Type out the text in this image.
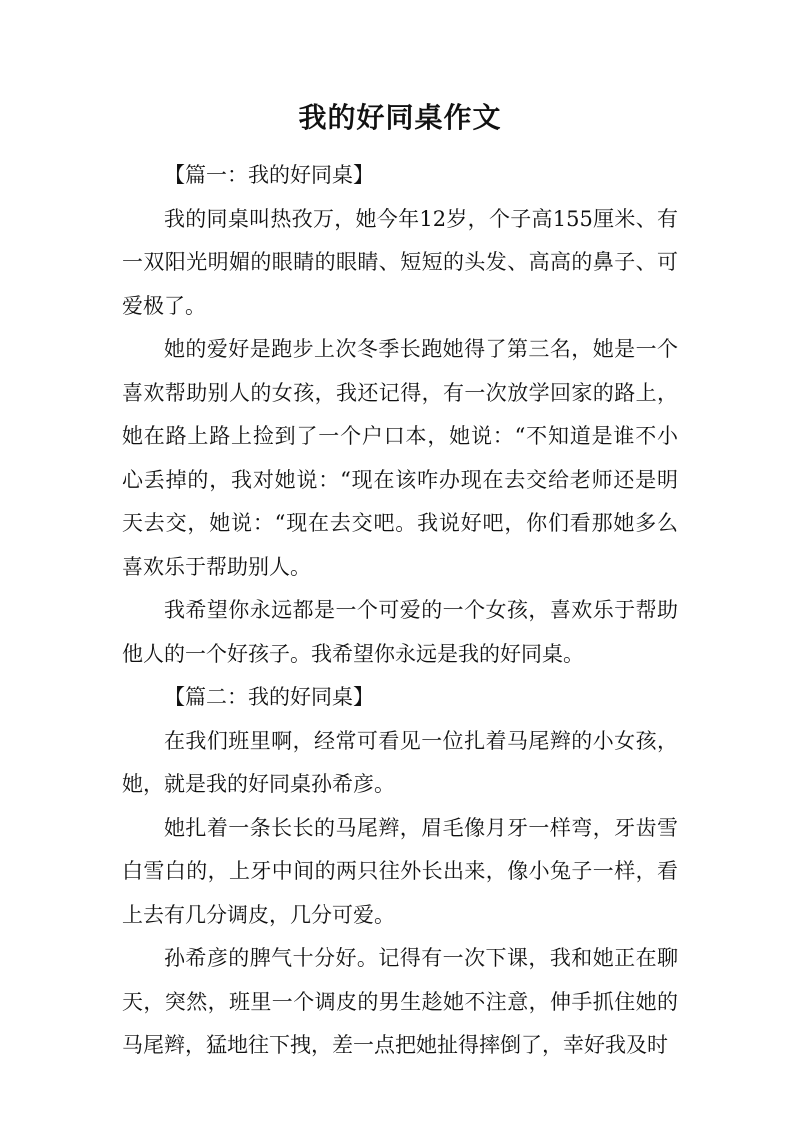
我的好同桌作文

【篇一：我的好同桌】

我的同桌叫热孜万，她今年12岁，个子高155厘米、有一双阳光明媚的眼睛的眼睛、短短的头发、高高的鼻子、可爱极了。

她的爱好是跑步上次冬季长跑她得了第三名，她是一个喜欢帮助别人的女孩，我还记得，有一次放学回家的路上，她在路上路上捡到了一个户口本，她说：“不知道是谁不小心丢掉的，我对她说：“现在该咋办现在去交给老师还是明天去交，她说：“现在去交吧。我说好吧，你们看那她多么喜欢乐于帮助别人。

我希望你永远都是一个可爱的一个女孩，喜欢乐于帮助他人的一个好孩子。我希望你永远是我的好同桌。

【篇二：我的好同桌】

在我们班里啊，经常可看见一位扎着马尾辫的小女孩，她，就是我的好同桌孙希彦。

她扎着一条长长的马尾辫，眉毛像月牙一样弯，牙齿雪白雪白的，上牙中间的两只往外长出来，像小兔子一样，看上去有几分调皮，几分可爱。

孙希彦的脾气十分好。记得有一次下课，我和她正在聊天，突然，班里一个调皮的男生趁她不注意，伸手抓住她的马尾辫，猛地往下拽，差一点把她扯得摔倒了，幸好我及时
